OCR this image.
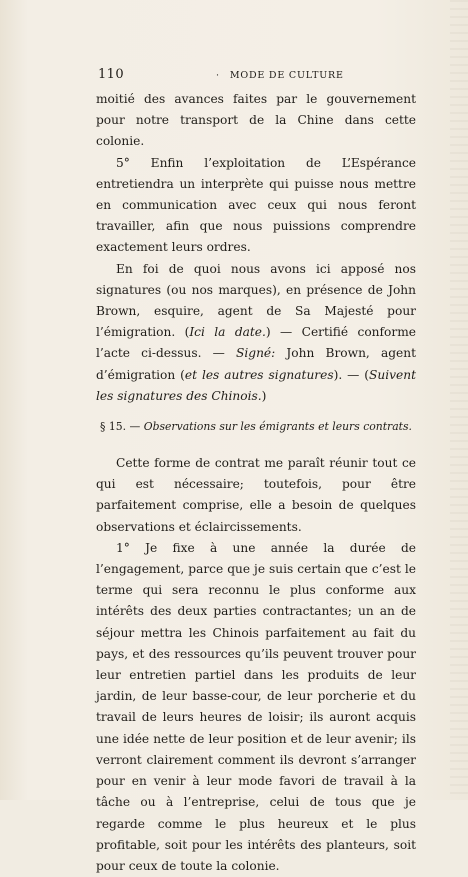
110	· MODE DE CULTURE

moitié des avances faites par le gouvernement pour notre transport de la Chine dans cette colonie.

5° Enfin l’exploitation de L’Espérance entretiendra un interprète qui puisse nous mettre en communication avec ceux qui nous feront travailler, afin que nous puissions comprendre exactement leurs ordres.

En foi de quoi nous avons ici apposé nos signatures (ou nos marques), en présence de John Brown, esquire, agent de Sa Majesté pour l’émigration. (Ici la date.) — Certifié conforme l’acte ci-dessus. — Signé: John Brown, agent d’émigration (et les autres signatures). — (Suivent les signatures des Chinois.)

§ 15. — Observations sur les émigrants et leurs contrats.

Cette forme de contrat me paraît réunir tout ce qui est nécessaire; toutefois, pour être parfaitement comprise, elle a besoin de quelques observations et éclaircissements.

1° Je fixe à une année la durée de l’engagement, parce que je suis certain que c’est le terme qui sera reconnu le plus conforme aux intérêts des deux parties contractantes; un an de séjour mettra les Chinois parfaitement au fait du pays, et des ressources qu’ils peuvent trouver pour leur entretien partiel dans les produits de leur jardin, de leur basse-cour, de leur porcherie et du travail de leurs heures de loisir; ils auront acquis une idée nette de leur position et de leur avenir; ils verront clairement comment ils devront s’arranger pour en venir à leur mode favori de travail à la tâche ou à l’entreprise, celui de tous que je regarde comme le plus heureux et le plus profitable, soit pour les intérêts des planteurs, soit pour ceux de toute la colonie.
